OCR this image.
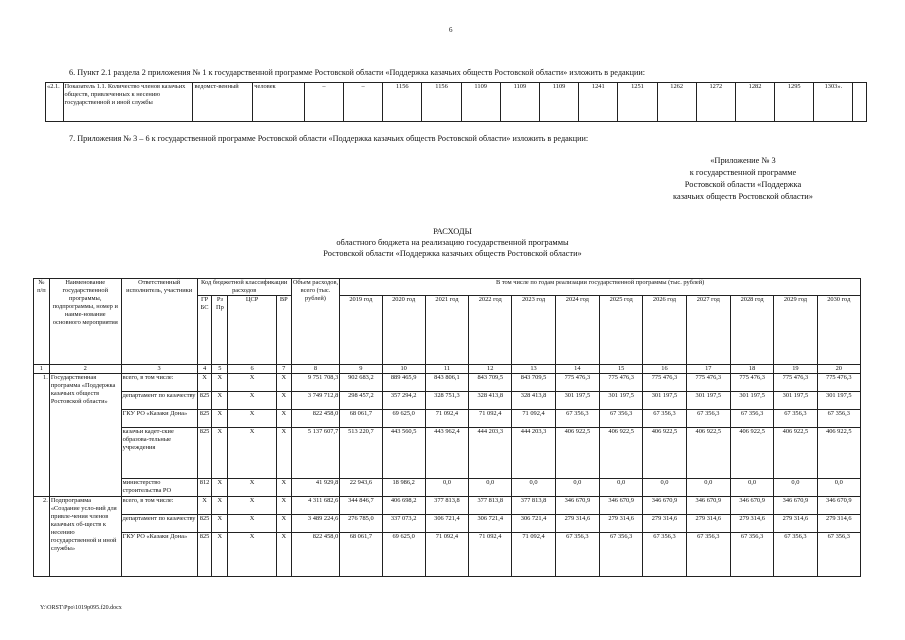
6
6. Пункт 2.1 раздела 2 приложения № 1 к государственной программе Ростовской области «Поддержка казачьих обществ Ростовской области» изложить в редакции:
«2.1.	Показатель 1.1. Количество членов казачьих обществ, привлеченных к несению государственной и иной службы	ведомст-венный	человек	–	–	1156	1156	1109	1109	1109	1241	1251	1262	1272	1282	1295	1303».	
7. Приложения № 3 – 6 к государственной программе Ростовской области «Поддержка казачьих обществ Ростовской области» изложить в редакции:
«Приложение № 3
к государственной программе
Ростовской области «Поддержка
казачьих обществ Ростовской области»
РАСХОДЫ
областного бюджета на реализацию государственной программы
Ростовской области «Поддержка казачьих обществ Ростовской области»
№ п/п	Наименование государственной программы, подпрограммы, номер и наиме-нование основного мероприятия	Ответственный исполнитель, участники	Код бюджетной классификации расходов				Объем расходов, всего (тыс. рублей)	В том числе по годам реализации государственной программы (тыс. рублей)											
			ГР БС	Рз Пр	ЦСР	ВР		2019 год	2020 год	2021 год	2022 год	2023 год	2024 год	2025 год	2026 год	2027 год	2028 год	2029 год	2030 год
1	2	3	4	5	6	7	8	9	10	11	12	13	14	15	16	17	18	19	20
1.	Государственная программа «Поддержка казачьих обществ Ростовской области»	всего, в том числе:	Х	Х	Х	Х	9 751 708,3	902 683,2	889 465,9	843 806,1	843 709,5	843 709,5	775 476,3	775 476,3	775 476,3	775 476,3	775 476,3	775 476,3	775 476,3
		департамент по казачеству	825	Х	Х	Х	3 749 712,8	298 457,2	357 294,2	328 751,3	328 413,8	328 413,8	301 197,5	301 197,5	301 197,5	301 197,5	301 197,5	301 197,5	301 197,5
		ГКУ РО «Казаки Дона»	825	Х	Х	Х	822 458,0	68 061,7	69 625,0	71 092,4	71 092,4	71 092,4	67 356,3	67 356,3	67 356,3	67 356,3	67 356,3	67 356,3	67 356,3
		казачьи кадет-ские образова-тельные учреждения	825	Х	Х	Х	5 137 607,7	513 220,7	443 560,5	443 962,4	444 203,3	444 203,3	406 922,5	406 922,5	406 922,5	406 922,5	406 922,5	406 922,5	406 922,5
		министерство строительства РО	812	Х	Х	Х	41 929,8	22 943,6	18 986,2	0,0	0,0	0,0	0,0	0,0	0,0	0,0	0,0	0,0	0,0
2.	Подпрограмма «Создание усло-вий для привле-чения членов казачьих об-ществ к несению государственной и иной службы»	всего, в том числе:	Х	Х	Х	Х	4 311 682,6	344 846,7	406 698,2	377 813,8	377 813,8	377 813,8	346 670,9	346 670,9	346 670,9	346 670,9	346 670,9	346 670,9	346 670,9
		департамент по казачеству	825	Х	Х	Х	3 489 224,6	276 785,0	337 073,2	306 721,4	306 721,4	306 721,4	279 314,6	279 314,6	279 314,6	279 314,6	279 314,6	279 314,6	279 314,6
		ГКУ РО «Казаки Дона»	825	Х	Х	Х	822 458,0	68 061,7	69 625,0	71 092,4	71 092,4	71 092,4	67 356,3	67 356,3	67 356,3	67 356,3	67 356,3	67 356,3	67 356,3
Y:\ORST\Ppo\1019p095.f20.docx
